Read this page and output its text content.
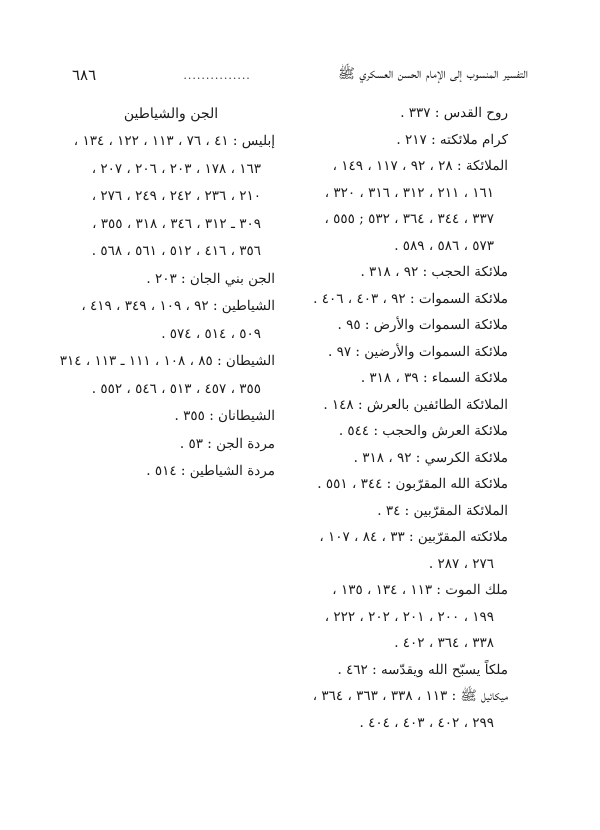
٦٨٦	...............	التفسير المنسوب إلى الإمام الحسن العسكري ﷺ
روح القدس : ٣٣٧ .
كرام ملائكته : ٢١٧ .
الملائكة : ٢٨ ، ٩٢ ، ١١٧ ، ١٤٩ ،
١٦١ ، ٢١١ ، ٣١٢ ، ٣١٦ ، ٣٢٠ ،
٣٣٧ ، ٣٤٤ ، ٣٦٤ ، ٥٣٢ ; ٥٥٥ ،
٥٧٣ ، ٥٨٦ ، ٥٨٩ .
ملائكة الحجب : ٩٢ ، ٣١٨ .
ملائكة السموات : ٩٢ ، ٤٠٣ ، ٤٠٦ .
ملائكة السموات والأرض : ٩٥ .
ملائكة السموات والأرضين : ٩٧ .
ملائكة السماء : ٣٩ ، ٣١٨ .
الملائكة الطائفين بالعرش : ١٤٨ .
ملائكة العرش والحجب : ٥٤٤ .
ملائكة الكرسي : ٩٢ ، ٣١٨ .
ملائكة الله المقرّبون : ٣٤٤ ، ٥٥١ .
الملائكة المقرّبين : ٣٤ .
ملائكته المقرّبين : ٣٣ ، ٨٤ ، ١٠٧ ،
٢٧٦ ، ٢٨٧ .
ملك الموت : ١١٣ ، ١٣٤ ، ١٣٥ ،
١٩٩ ، ٢٠٠ ، ٢٠١ ، ٢٠٢ ، ٢٢٢ ،
٣٣٨ ، ٣٦٤ ، ٤٠٢ .
ملكاً يسبّح الله ويقدّسه : ٤٦٢ .
ميكائيل ﷺ : ١١٣ ، ٣٣٨ ، ٣٦٣ ، ٣٦٤ ،
٢٩٩ ، ٤٠٢ ، ٤٠٣ ، ٤٠٤ .
الجن والشياطين
إبليس : ٤١ ، ٧٦ ، ١١٣ ، ١٢٢ ، ١٣٤ ،
١٦٣ ، ١٧٨ ، ٢٠٣ ، ٢٠٦ ، ٢٠٧ ،
٢١٠ ، ٢٣٦ ، ٢٤٢ ، ٢٤٩ ، ٢٧٦ ،
٣٠٩ ـ ٣١٢ ، ٣٤٦ ، ٣١٨ ، ٣٥٥ ،
٣٥٦ ، ٤١٦ ، ٥١٢ ، ٥٦١ ، ٥٦٨ .
الجن بني الجان : ٢٠٣ .
الشياطين : ٩٢ ، ١٠٩ ، ٣٤٩ ، ٤١٩ ،
٥٠٩ ، ٥١٤ ، ٥٧٤ .
الشيطان : ٨٥ ، ١٠٨ ، ١١١ ـ ١١٣ ، ٣١٤
٣٥٥ ، ٤٥٧ ، ٥١٣ ، ٥٤٦ ، ٥٥٢ .
الشيطانان : ٣٥٥ .
مردة الجن : ٥٣ .
مردة الشياطين : ٥١٤ .
